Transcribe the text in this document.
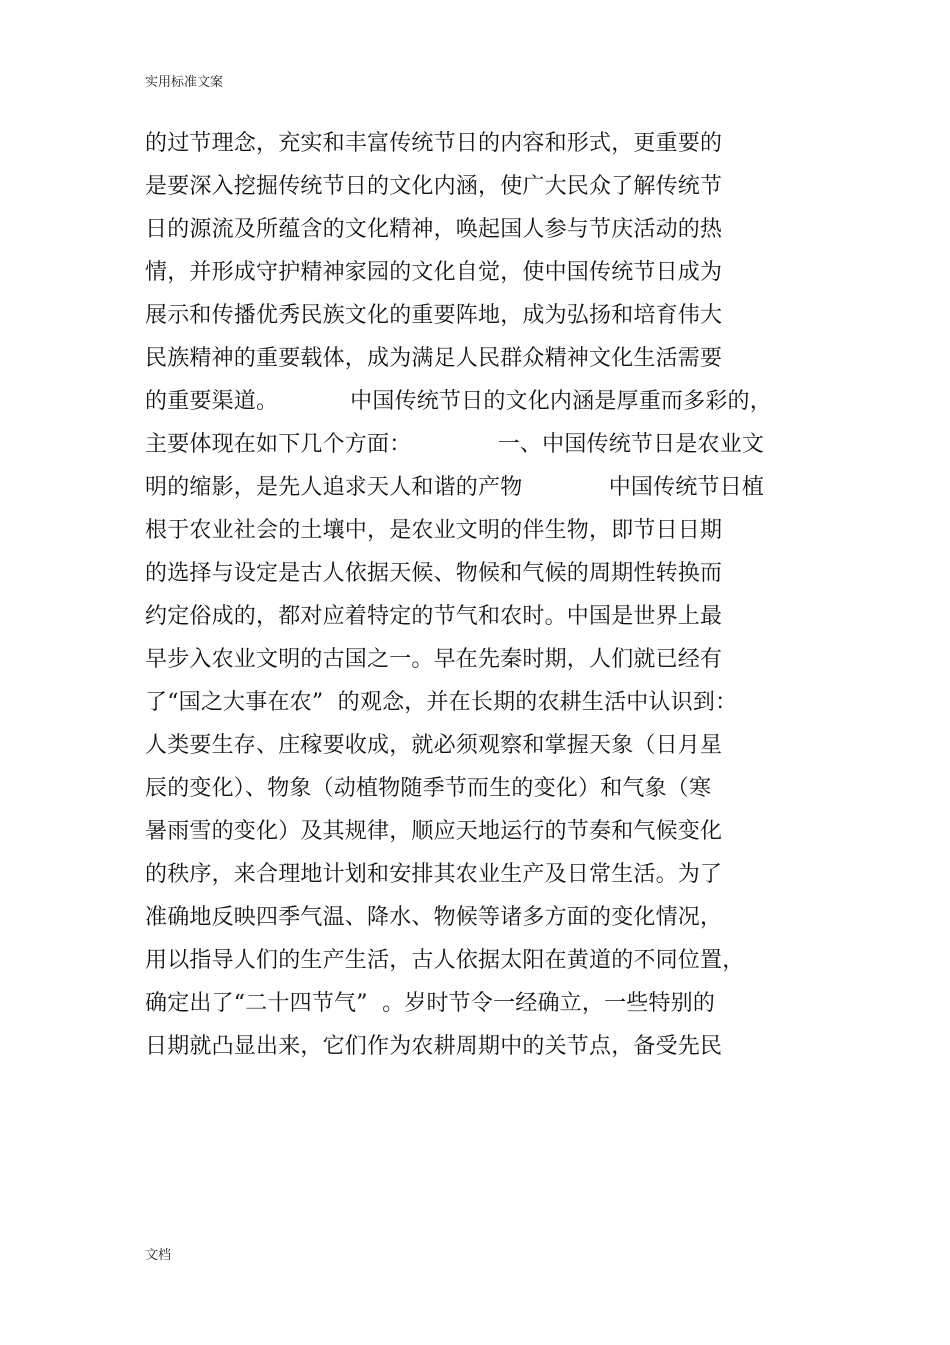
实用标准文案
的过节理念，充实和丰富传统节日的内容和形式，更重要的
是要深入挖掘传统节日的文化内涵，使广大民众了解传统节
日的源流及所蕴含的文化精神，唤起国人参与节庆活动的热
情，并形成守护精神家园的文化自觉，使中国传统节日成为
展示和传播优秀民族文化的重要阵地，成为弘扬和培育伟大
民族精神的重要载体，成为满足人民群众精神文化生活需要
的重要渠道。          中国传统节日的文化内涵是厚重而多彩的，
主要体现在如下几个方面：            一、中国传统节日是农业文
明的缩影，是先人追求天人和谐的产物            中国传统节日植
根于农业社会的土壤中，是农业文明的伴生物，即节日日期
的选择与设定是古人依据天候、物候和气候的周期性转换而
约定俗成的，都对应着特定的节气和农时。中国是世界上最
早步入农业文明的古国之一。早在先秦时期，人们就已经有
了“国之大事在农”  的观念，并在长期的农耕生活中认识到：
人类要生存、庄稼要收成，就必须观察和掌握天象（日月星
辰的变化）、物象（动植物随季节而生的变化）和气象（寒
暑雨雪的变化）及其规律，顺应天地运行的节奏和气候变化
的秩序，来合理地计划和安排其农业生产及日常生活。为了
准确地反映四季气温、降水、物候等诸多方面的变化情况，
用以指导人们的生产生活，古人依据太阳在黄道的不同位置，
确定出了“二十四节气”  。岁时节令一经确立，一些特别的
日期就凸显出来，它们作为农耕周期中的关节点，备受先民
文档
